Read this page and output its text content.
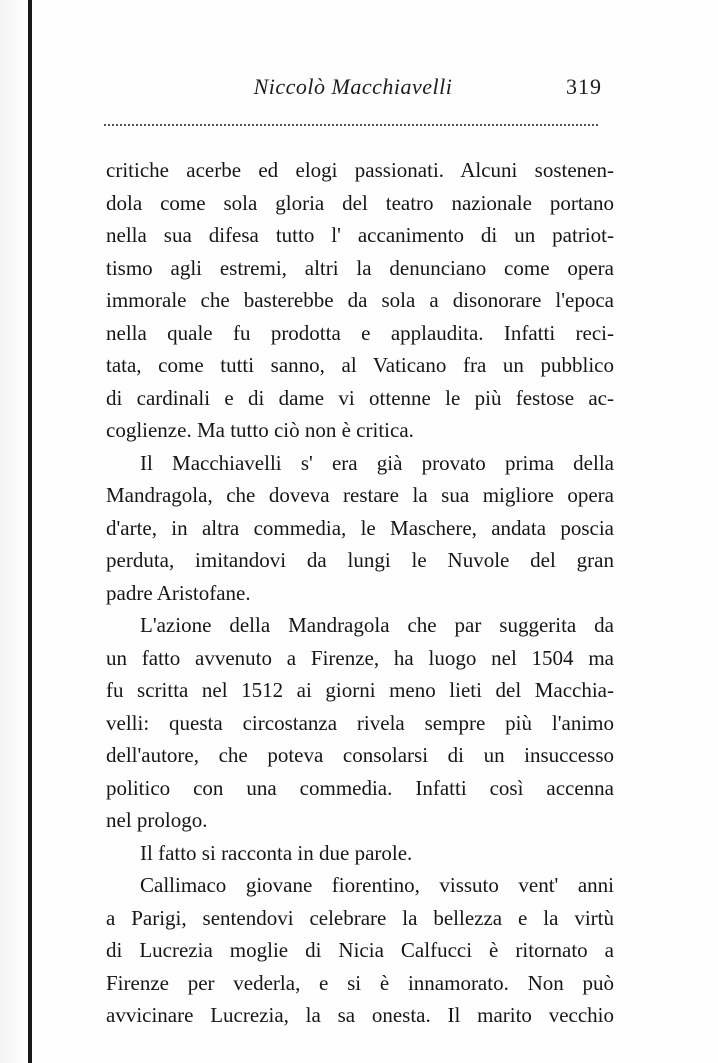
Niccolò Macchiavelli	319
critiche acerbe ed elogi passionati. Alcuni sostenen-
dola come sola gloria del teatro nazionale portano
nella sua difesa tutto l' accanimento di un patriot-
tismo agli estremi, altri la denunciano come opera
immorale che basterebbe da sola a disonorare l'epoca
nella quale fu prodotta e applaudita. Infatti reci-
tata, come tutti sanno, al Vaticano fra un pubblico
di cardinali e di dame vi ottenne le più festose ac-
coglienze. Ma tutto ciò non è critica.
Il Macchiavelli s' era già provato prima della
Mandragola, che doveva restare la sua migliore opera
d'arte, in altra commedia, le Maschere, andata poscia
perduta, imitandovi da lungi le Nuvole del gran
padre Aristofane.
L'azione della Mandragola che par suggerita da
un fatto avvenuto a Firenze, ha luogo nel 1504 ma
fu scritta nel 1512 ai giorni meno lieti del Macchia-
velli: questa circostanza rivela sempre più l'animo
dell'autore, che poteva consolarsi di un insuccesso
politico con una commedia. Infatti così accenna
nel prologo.
Il fatto si racconta in due parole.
Callimaco giovane fiorentino, vissuto vent' anni
a Parigi, sentendovi celebrare la bellezza e la virtù
di Lucrezia moglie di Nicia Calfucci è ritornato a
Firenze per vederla, e si è innamorato. Non può
avvicinare Lucrezia, la sa onesta. Il marito vecchio
